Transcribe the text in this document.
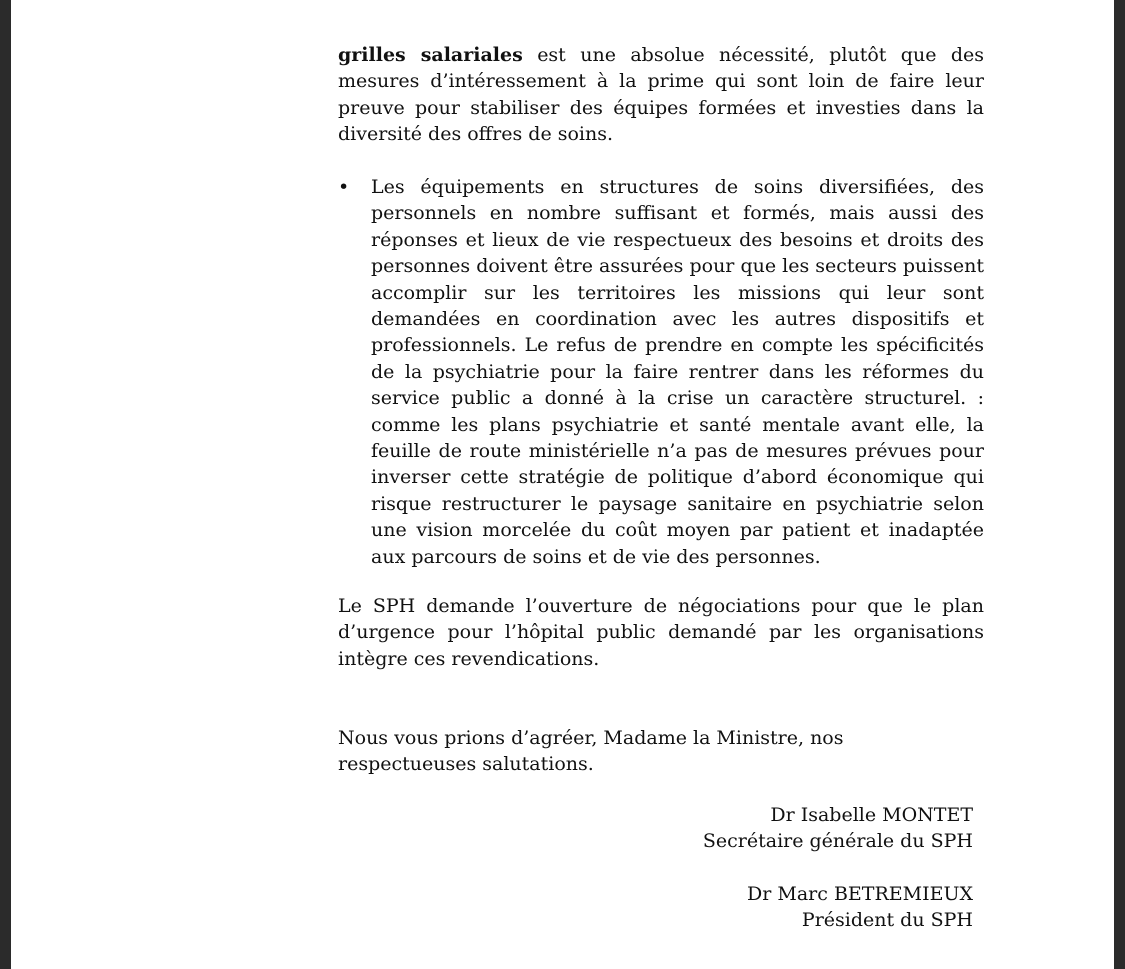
grilles salariales est une absolue nécessité, plutôt que des mesures d’intéressement à la prime qui sont loin de faire leur preuve pour stabiliser des équipes formées et investies dans la diversité des offres de soins.
•	Les équipements en structures de soins diversifiées, des personnels en nombre suffisant et formés, mais aussi des réponses et lieux de vie respectueux des besoins et droits des personnes doivent être assurées pour que les secteurs puissent accomplir sur les territoires les missions qui leur sont demandées en coordination avec les autres dispositifs et professionnels. Le refus de prendre en compte les spécificités de la psychiatrie pour la faire rentrer dans les réformes du service public a donné à la crise un caractère structurel. : comme les plans psychiatrie et santé mentale avant elle, la feuille de route ministérielle n’a pas de mesures prévues pour inverser cette stratégie de politique d’abord économique qui risque restructurer le paysage sanitaire en psychiatrie selon une vision morcelée du coût moyen par patient et inadaptée aux parcours de soins et de vie des personnes.
Le SPH demande l’ouverture de négociations pour que le plan d’urgence pour l’hôpital public demandé par les organisations intègre ces revendications.
Nous vous prions d’agréer, Madame la Ministre, nos respectueuses salutations.
Dr Isabelle MONTET
Secrétaire générale du SPH
Dr Marc BETREMIEUX
Président du SPH
